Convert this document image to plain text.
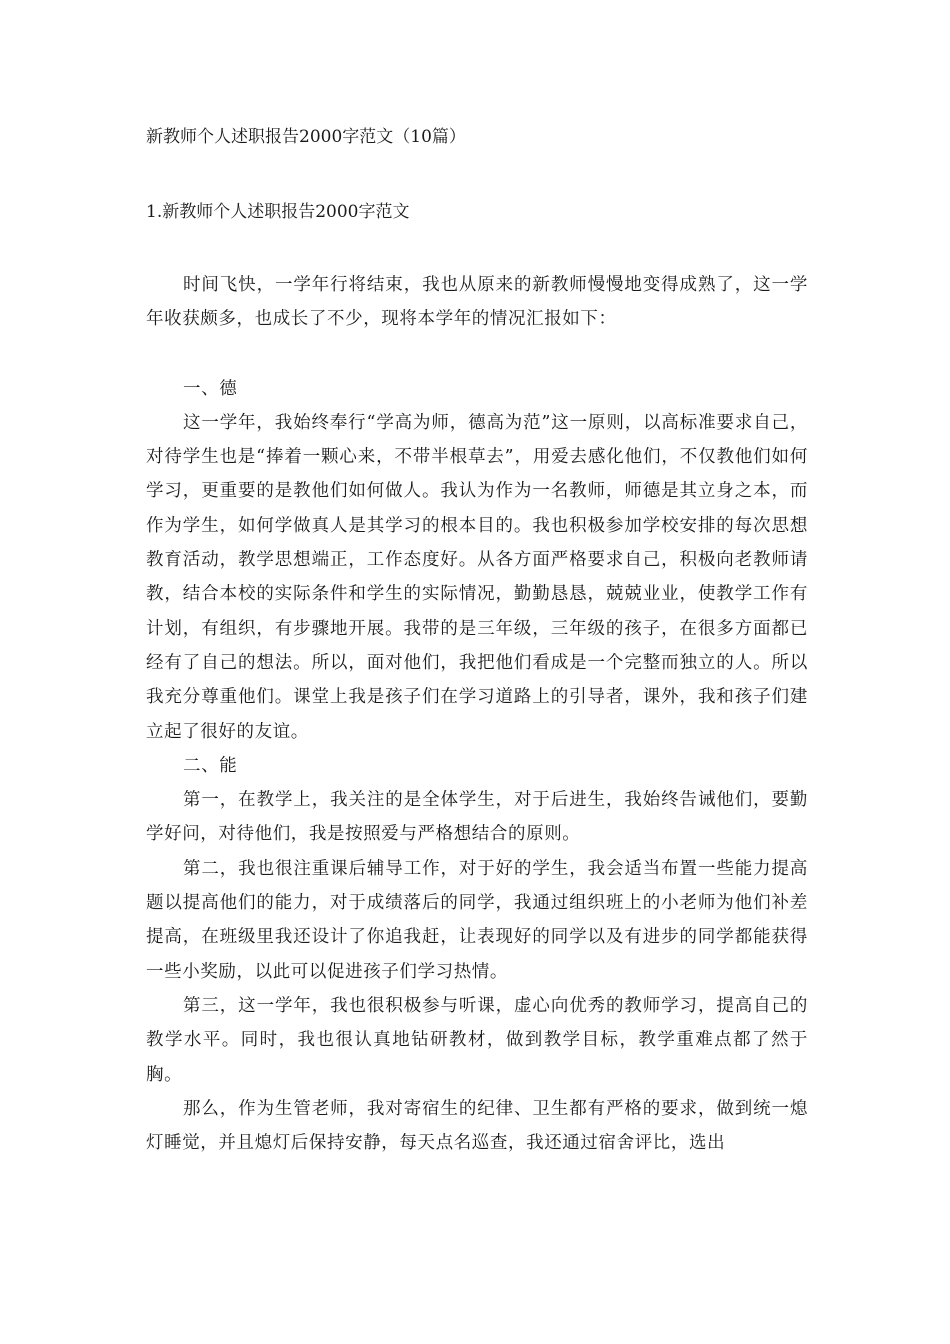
新教师个人述职报告2000字范文（10篇）
1.新教师个人述职报告2000字范文

时间飞快，一学年行将结束，我也从原来的新教师慢慢地变得成熟了，这一学年收获颇多，也成长了不少，现将本学年的情况汇报如下：

一、德

这一学年，我始终奉行“学高为师，德高为范”这一原则，以高标准要求自己，对待学生也是“捧着一颗心来，不带半根草去”，用爱去感化他们，不仅教他们如何学习，更重要的是教他们如何做人。我认为作为一名教师，师德是其立身之本，而作为学生，如何学做真人是其学习的根本目的。我也积极参加学校安排的每次思想教育活动，教学思想端正，工作态度好。从各方面严格要求自己，积极向老教师请教，结合本校的实际条件和学生的实际情况，勤勤恳恳，兢兢业业，使教学工作有计划，有组织，有步骤地开展。我带的是三年级，三年级的孩子，在很多方面都已经有了自己的想法。所以，面对他们，我把他们看成是一个完整而独立的人。所以我充分尊重他们。课堂上我是孩子们在学习道路上的引导者，课外，我和孩子们建立起了很好的友谊。

二、能

第一，在教学上，我关注的是全体学生，对于后进生，我始终告诫他们，要勤学好问，对待他们，我是按照爱与严格想结合的原则。

第二，我也很注重课后辅导工作，对于好的学生，我会适当布置一些能力提高题以提高他们的能力，对于成绩落后的同学，我通过组织班上的小老师为他们补差提高，在班级里我还设计了你追我赶，让表现好的同学以及有进步的同学都能获得一些小奖励，以此可以促进孩子们学习热情。

第三，这一学年，我也很积极参与听课，虚心向优秀的教师学习，提高自己的教学水平。同时，我也很认真地钻研教材，做到教学目标，教学重难点都了然于胸。

那么，作为生管老师，我对寄宿生的纪律、卫生都有严格的要求，做到统一熄灯睡觉，并且熄灯后保持安静，每天点名巡查，我还通过宿舍评比，选出
